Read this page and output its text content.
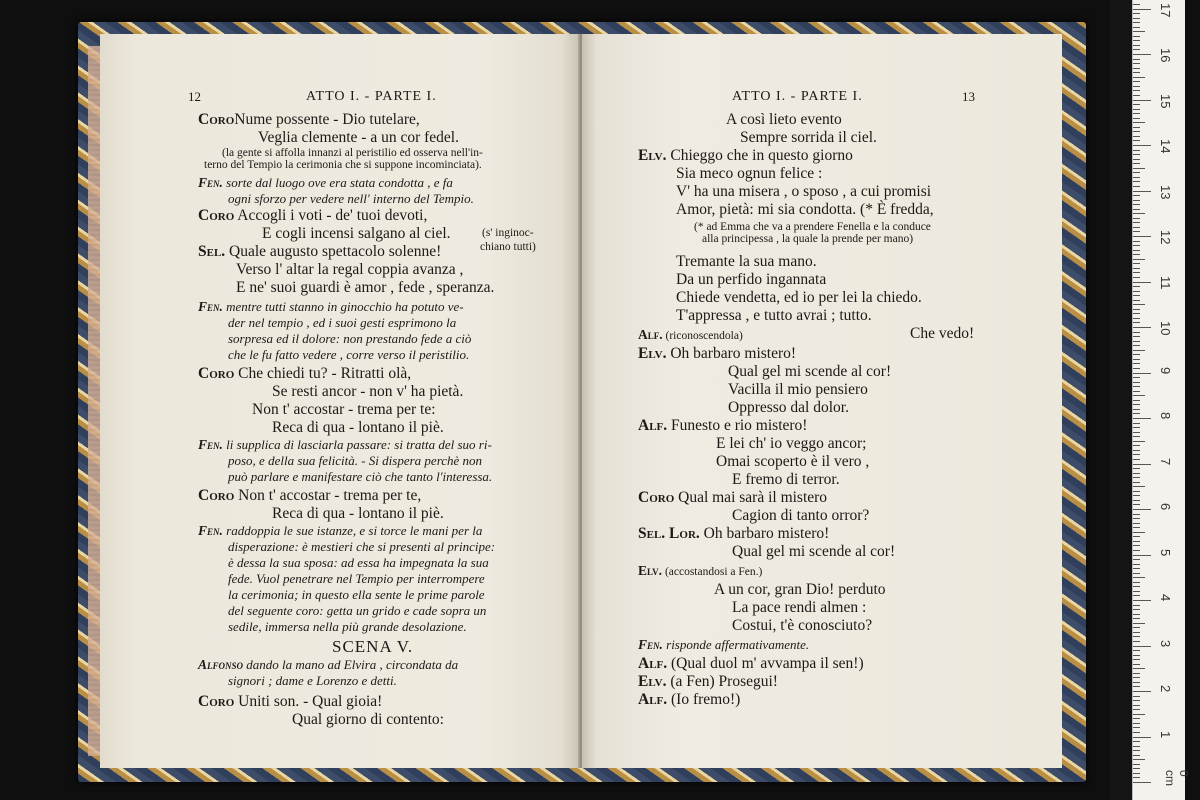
12	ATTO I. - PARTE I.
CoroNume possente - Dio tutelare,
Veglia clemente - a un cor fedel.
(la gente si affolla innanzi al peristilio ed osserva nell'in-
terno del Tempio la cerimonia che si suppone incominciata).
Fen. sorte dal luogo ove era stata condotta , e fa
ogni sforzo per vedere nell' interno del Tempio.
Coro Accogli i voti - de' tuoi devoti,
E cogli incensi salgano al ciel.	(s' inginoc-
Sel. Quale augusto spettacolo solenne!	chiano tutti)
Verso l' altar la regal coppia avanza ,
E ne' suoi guardi è amor , fede , speranza.
Fen. mentre tutti stanno in ginocchio ha potuto ve-
der nel tempio , ed i suoi gesti esprimono la
sorpresa ed il dolore: non prestando fede a ciò
che le fu fatto vedere , corre verso il peristilio.
Coro Che chiedi tu? - Ritratti olà,
Se resti ancor - non v' ha pietà.
Non t' accostar - trema per te:
Reca di qua - lontano il piè.
Fen. li supplica di lasciarla passare: si tratta del suo ri-
poso, e della sua felicità. - Si dispera perchè non
può parlare e manifestare ciò che tanto l'interessa.
Coro Non t' accostar - trema per te,
Reca di qua - lontano il piè.
Fen. raddoppia le sue istanze, e si torce le mani per la
disperazione: è mestieri che si presenti al principe:
è dessa la sua sposa: ad essa ha impegnata la sua
fede. Vuol penetrare nel Tempio per interrompere
la cerimonia; in questo ella sente le prime parole
del seguente coro: getta un grido e cade sopra un
sedile, immersa nella più grande desolazione.
SCENA V.
Alfonso dando la mano ad Elvira , circondata da
signori ; dame e Lorenzo e detti.
Coro Uniti son. - Qual gioia!
Qual giorno di contento:
ATTO I. - PARTE I.	13
A così lieto evento
Sempre sorrida il ciel.
Elv. Chieggo che in questo giorno
Sia meco ognun felice :
V' ha una misera , o sposo , a cui promisi
Amor, pietà: mi sia condotta. (* È fredda,
(* ad Emma che va a prendere Fenella e la conduce
alla principessa , la quale la prende per mano)
Tremante la sua mano.
Da un perfido ingannata
Chiede vendetta, ed io per lei la chiedo.
T'appressa , e tutto avrai ; tutto.
Alf. (riconoscendola)	Che vedo!
Elv. Oh barbaro mistero!
Qual gel mi scende al cor!
Vacilla il mio pensiero
Oppresso dal dolor.
Alf. Funesto e rio mistero!
E lei ch' io veggo ancor;
Omai scoperto è il vero ,
E fremo di terror.
Coro Qual mai sarà il mistero
Cagion di tanto orror?
Sel. Lor. Oh barbaro mistero!
Qual gel mi scende al cor!
Elv. (accostandosi a Fen.)
A un cor, gran Dio! perduto
La pace rendi almen :
Costui, t'è conosciuto?
Fen. risponde affermativamente.
Alf. (Qual duol m' avvampa il sen!)
Elv. (a Fen) Prosegui!
Alf. (Io fremo!)
1
2
3
4
5
6
7
8
9
10
11
12
13
14
15
16
17
0 cm
